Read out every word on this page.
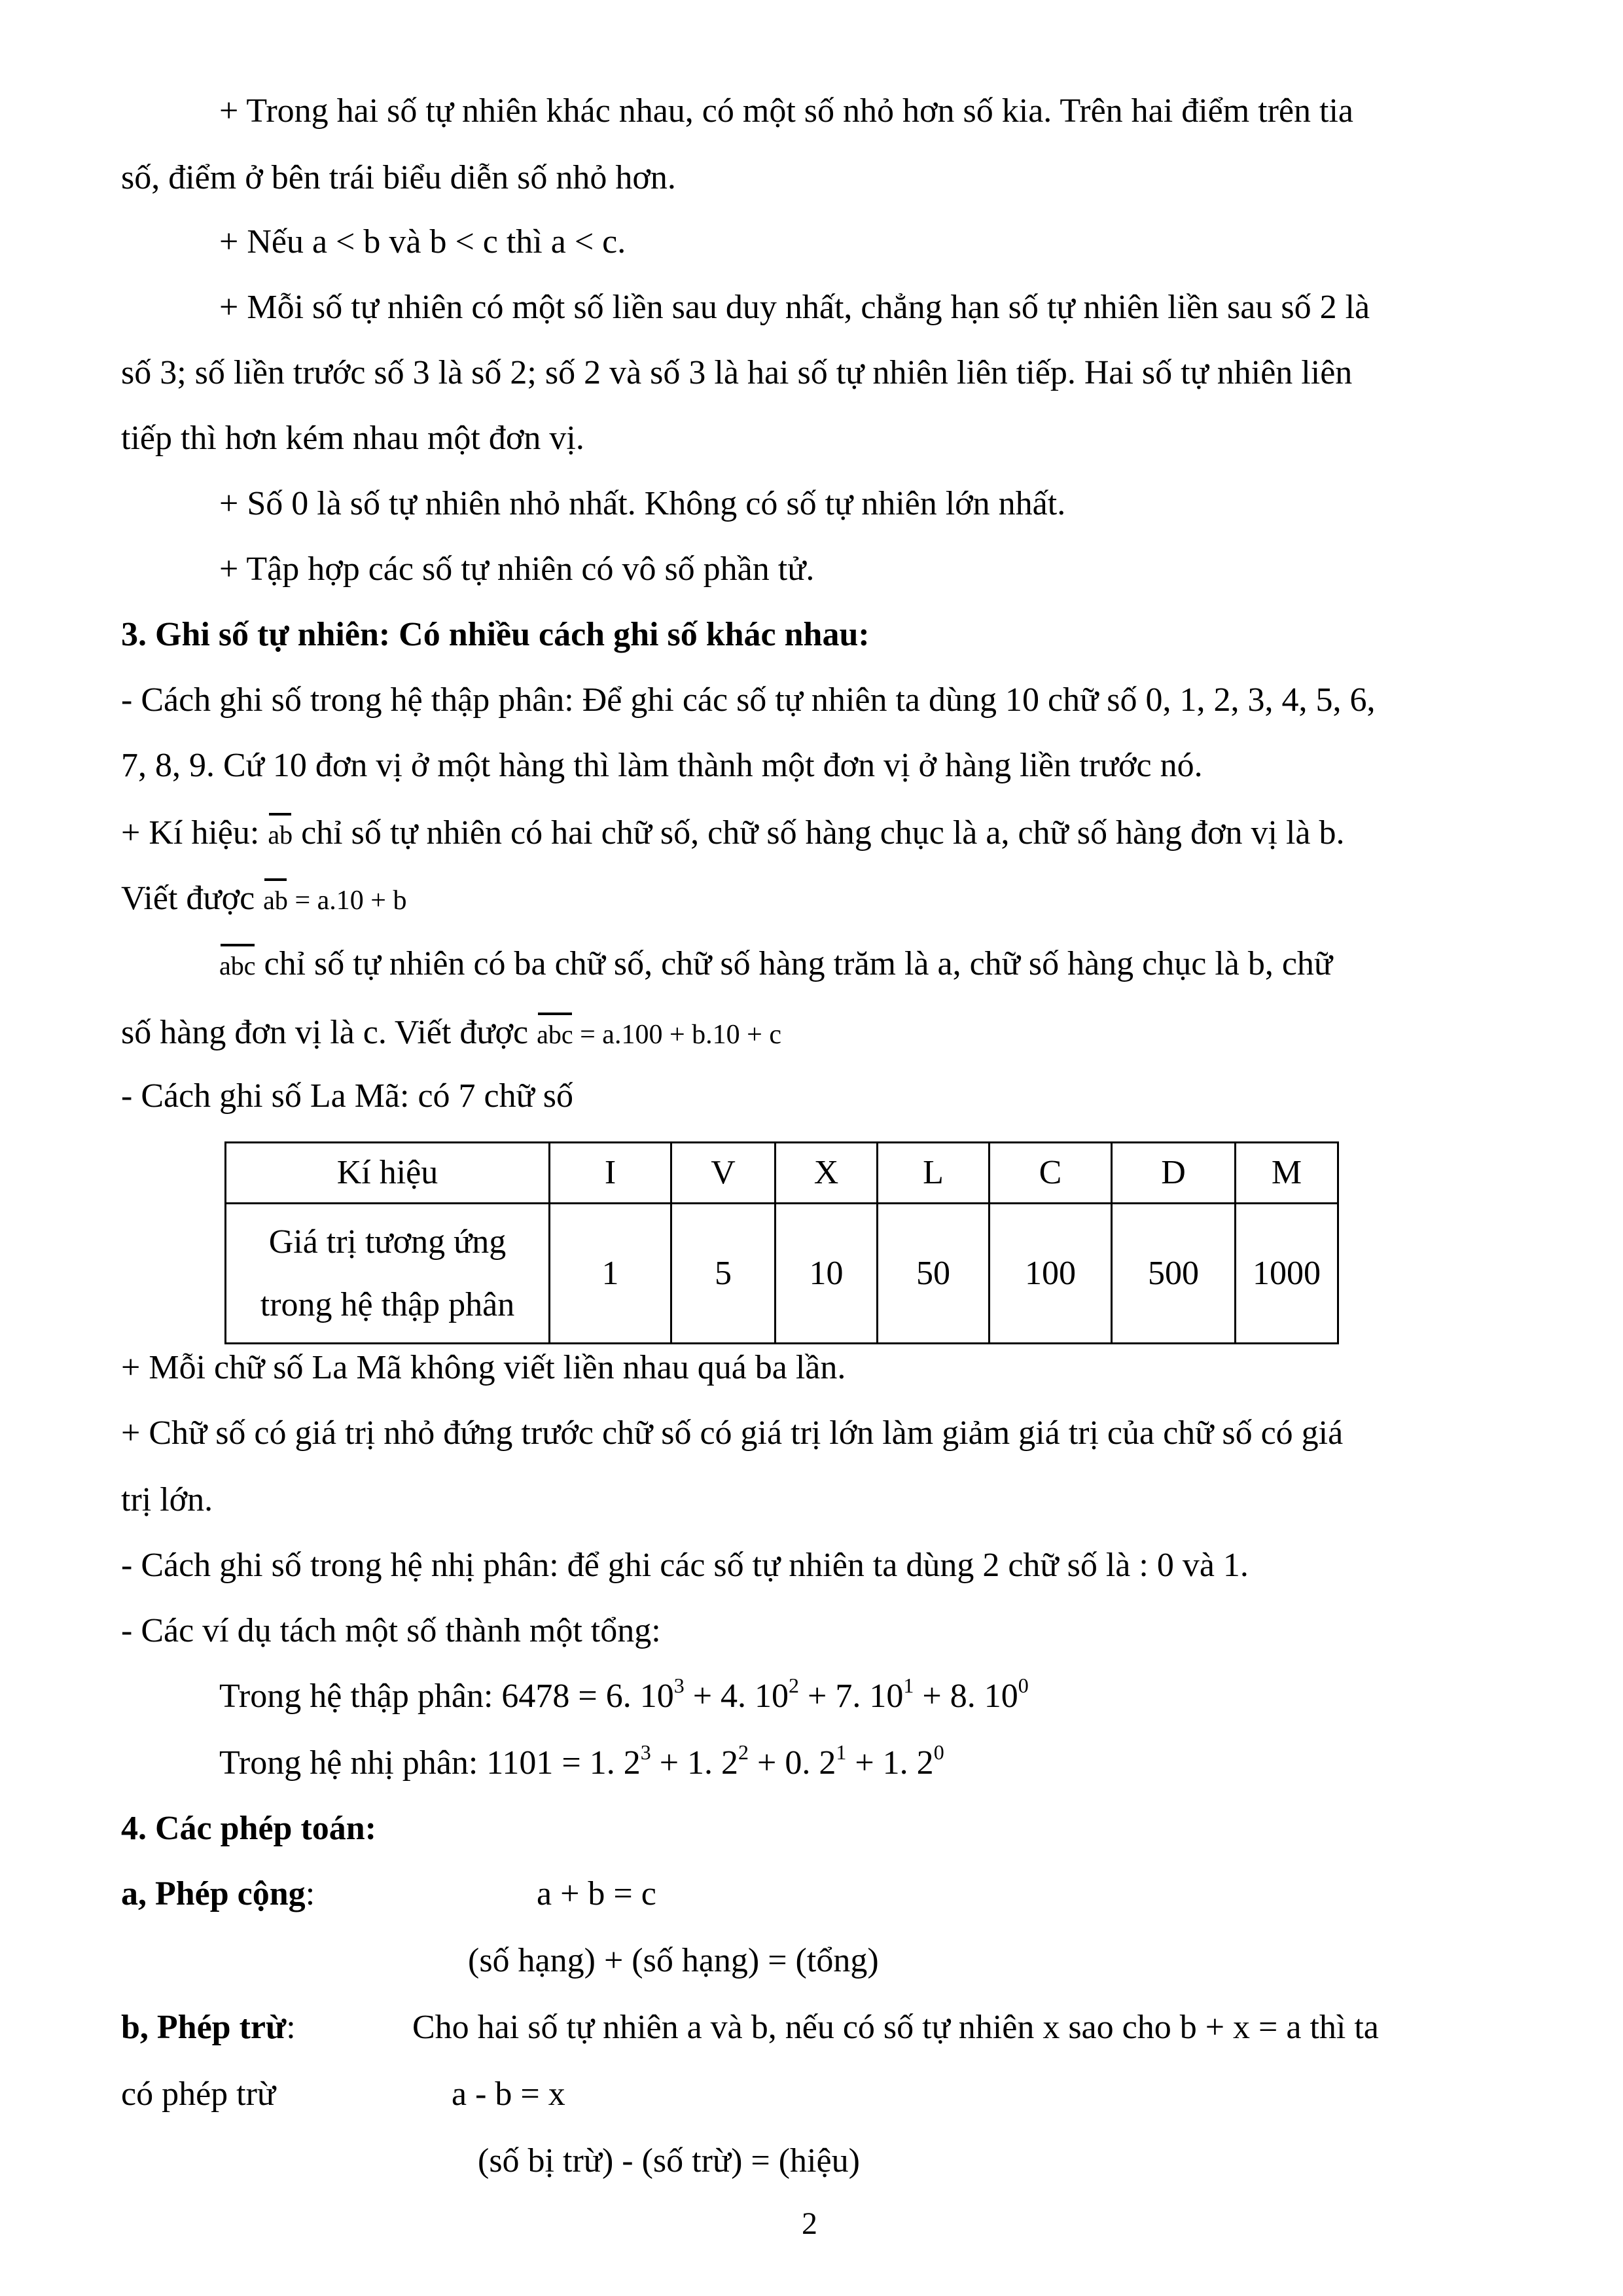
+ Trong hai số tự nhiên khác nhau, có một số nhỏ hơn số kia. Trên hai điểm trên tia
số, điểm ở bên trái biểu diễn số nhỏ hơn.
+ Nếu a < b và b < c thì a < c.
+ Mỗi số tự nhiên có một số liền sau duy nhất, chẳng hạn số tự nhiên liền sau số 2 là
số 3; số liền trước số 3 là số 2; số 2 và số 3 là hai số tự nhiên liên tiếp. Hai số tự nhiên liên
tiếp thì hơn kém nhau một đơn vị.
+ Số 0 là số tự nhiên nhỏ nhất. Không có số tự nhiên lớn nhất.
+ Tập hợp các số tự nhiên có vô số phần tử.
3. Ghi số tự nhiên: Có nhiều cách ghi số khác nhau:
- Cách ghi số trong hệ thập phân: Để ghi các số tự nhiên ta dùng 10 chữ số 0, 1, 2, 3, 4, 5, 6,
7, 8, 9. Cứ 10 đơn vị ở một hàng thì làm thành một đơn vị ở hàng liền trước nó.
+ Kí hiệu: ab chỉ số tự nhiên có hai chữ số, chữ số hàng chục là a, chữ số hàng đơn vị là b.
Viết được ab = a.10 + b
abc chỉ số tự nhiên có ba chữ số, chữ số hàng trăm là a, chữ số hàng chục là b, chữ
số hàng đơn vị là c. Viết được abc = a.100 + b.10 + c
- Cách ghi số La Mã: có 7 chữ số
Kí hiệu	I	V	X	L	C	D	M
Giá trị tương ứng
trong hệ thập phân	1	5	10	50	100	500	1000
+ Mỗi chữ số La Mã không viết liền nhau quá ba lần.
+ Chữ số có giá trị nhỏ đứng trước chữ số có giá trị lớn làm giảm giá trị của chữ số có giá
trị lớn.
- Cách ghi số trong hệ nhị phân: để ghi các số tự nhiên ta dùng 2 chữ số là : 0 và 1.
- Các ví dụ tách một số thành một tổng:
Trong hệ thập phân: 6478 = 6. $10^3 + 4$. $10^2 + 7$. $10^1 + 8$. $10^0$
Trong hệ nhị phân: 1101 = 1. $2^3 + 1$. $2^2 + 0$. $2^1 + 1$. $2^0$
4. Các phép toán:
a, Phép cộng:	a + b = c
(số hạng) + (số hạng) = (tổng)
b, Phép trừ:	Cho hai số tự nhiên a và b, nếu có số tự nhiên x sao cho b + x = a thì ta
có phép trừ	a - b = x
(số bị trừ) - (số trừ) = (hiệu)
2
